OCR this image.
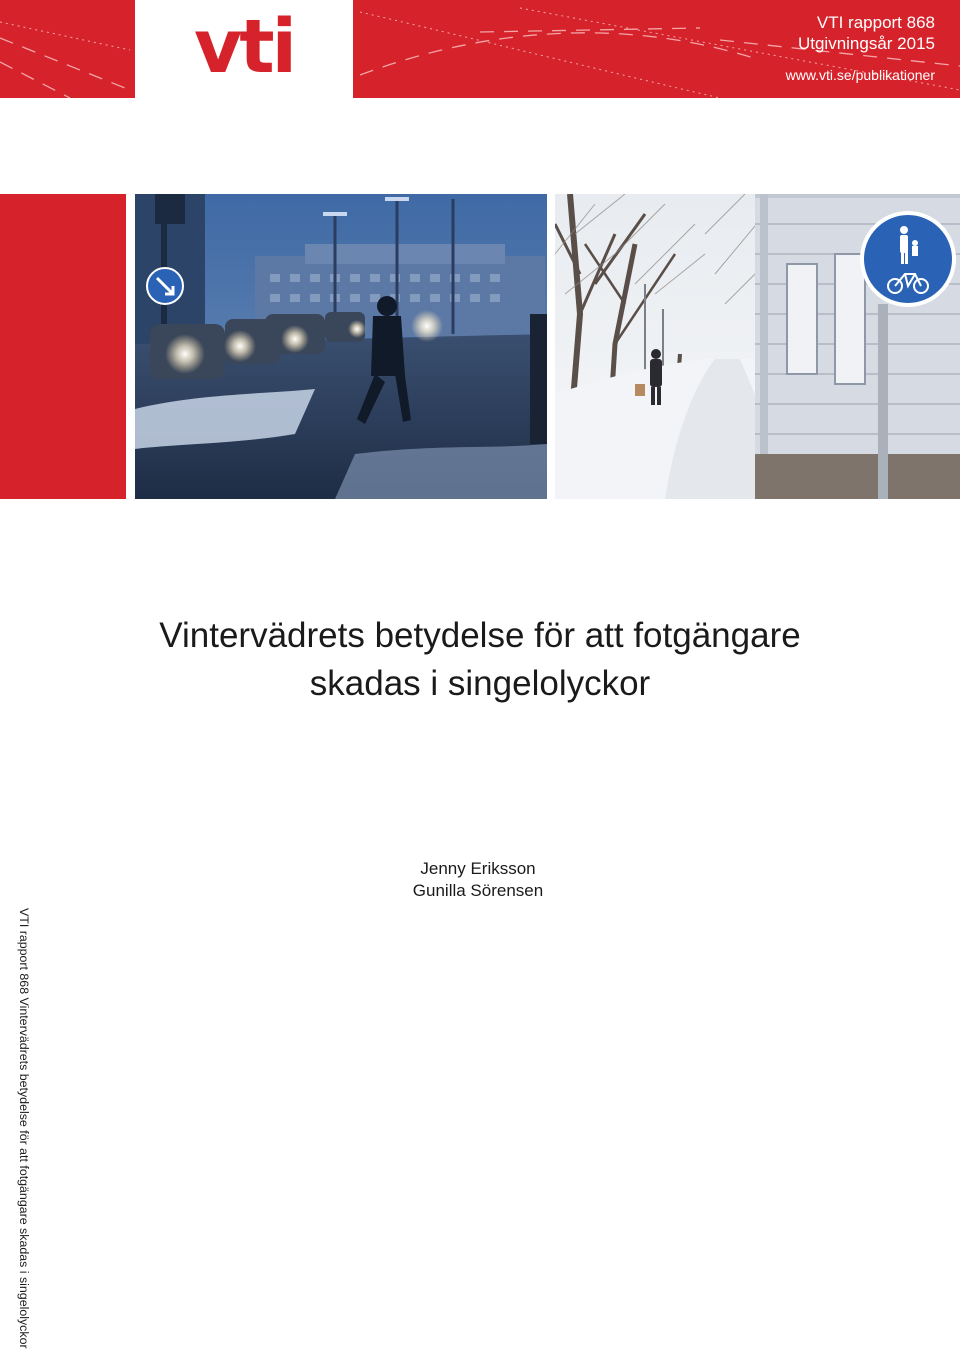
vti	VTI rapport 868
Utgivningsår 2015
www.vti.se/publikationer
Vintervädrets betydelse för att fotgängare
skadas i singelolyckor
Jenny Eriksson
Gunilla Sörensen
VTI rapport 868 Vintervädrets betydelse för att fotgängare skadas i singelolyckor
